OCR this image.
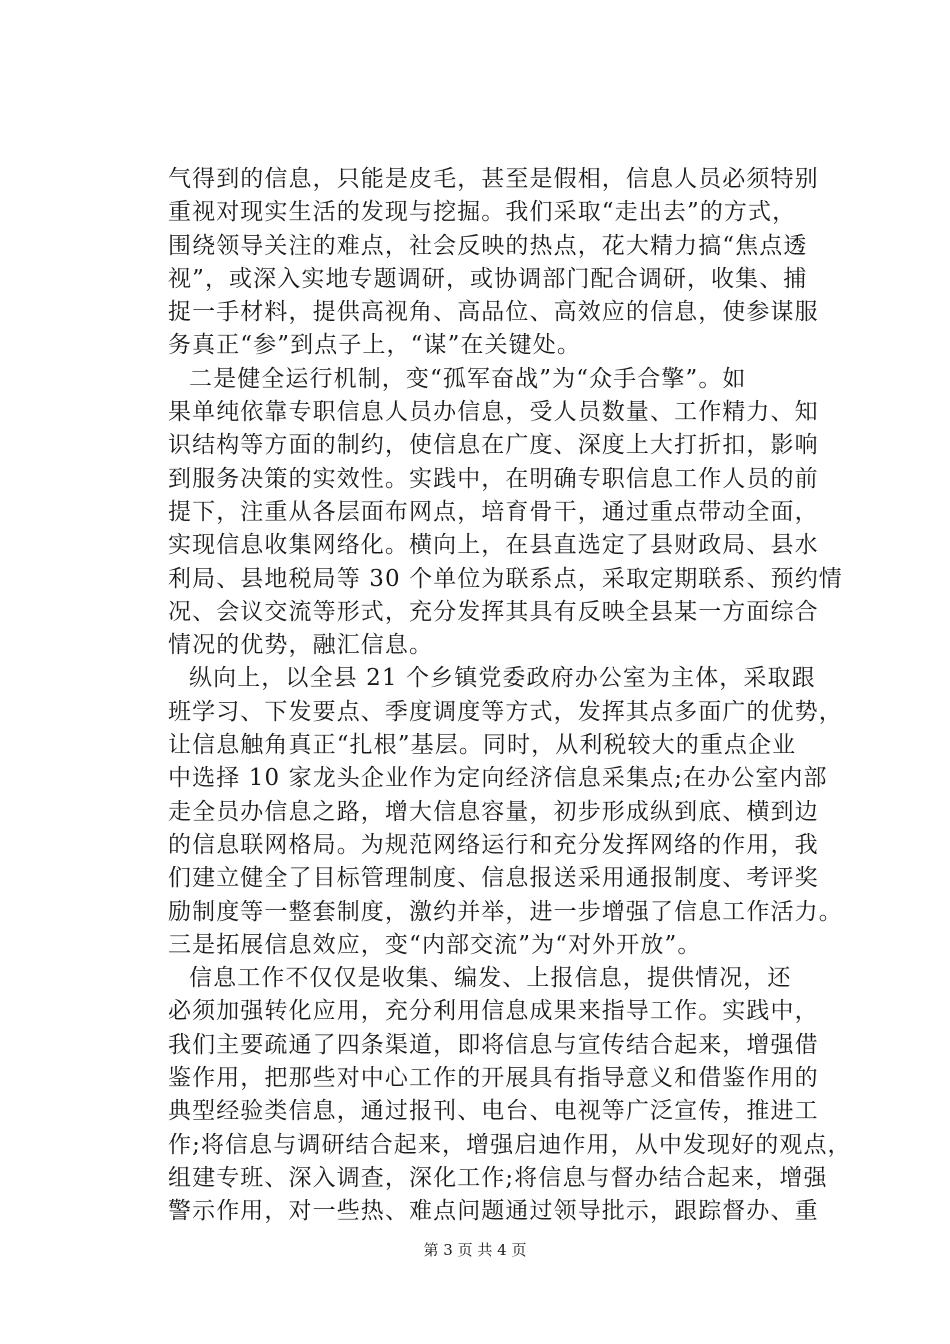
气得到的信息，只能是皮毛，甚至是假相，信息人员必须特别
重视对现实生活的发现与挖掘。我们采取“走出去”的方式，
围绕领导关注的难点，社会反映的热点，花大精力搞“焦点透
视”，或深入实地专题调研，或协调部门配合调研，收集、捕
捉一手材料，提供高视角、高品位、高效应的信息，使参谋服
务真正“参”到点子上，“谋”在关键处。
二是健全运行机制，变“孤军奋战”为“众手合擎”。如
果单纯依靠专职信息人员办信息，受人员数量、工作精力、知
识结构等方面的制约，使信息在广度、深度上大打折扣，影响
到服务决策的实效性。实践中，在明确专职信息工作人员的前
提下，注重从各层面布网点，培育骨干，通过重点带动全面，
实现信息收集网络化。横向上，在县直选定了县财政局、县水
利局、县地税局等 30 个单位为联系点，采取定期联系、预约情
况、会议交流等形式，充分发挥其具有反映全县某一方面综合
情况的优势，融汇信息。
纵向上，以全县 21 个乡镇党委政府办公室为主体，采取跟
班学习、下发要点、季度调度等方式，发挥其点多面广的优势，
让信息触角真正“扎根”基层。同时，从利税较大的重点企业
中选择 10 家龙头企业作为定向经济信息采集点;在办公室内部
走全员办信息之路，增大信息容量，初步形成纵到底、横到边
的信息联网格局。为规范网络运行和充分发挥网络的作用，我
们建立健全了目标管理制度、信息报送采用通报制度、考评奖
励制度等一整套制度，激约并举，进一步增强了信息工作活力。
三是拓展信息效应，变“内部交流”为“对外开放”。
信息工作不仅仅是收集、编发、上报信息，提供情况，还
必须加强转化应用，充分利用信息成果来指导工作。实践中，
我们主要疏通了四条渠道，即将信息与宣传结合起来，增强借
鉴作用，把那些对中心工作的开展具有指导意义和借鉴作用的
典型经验类信息，通过报刊、电台、电视等广泛宣传，推进工
作;将信息与调研结合起来，增强启迪作用，从中发现好的观点，
组建专班、深入调查，深化工作;将信息与督办结合起来，增强
警示作用，对一些热、难点问题通过领导批示，跟踪督办、重
第 3 页 共 4 页
